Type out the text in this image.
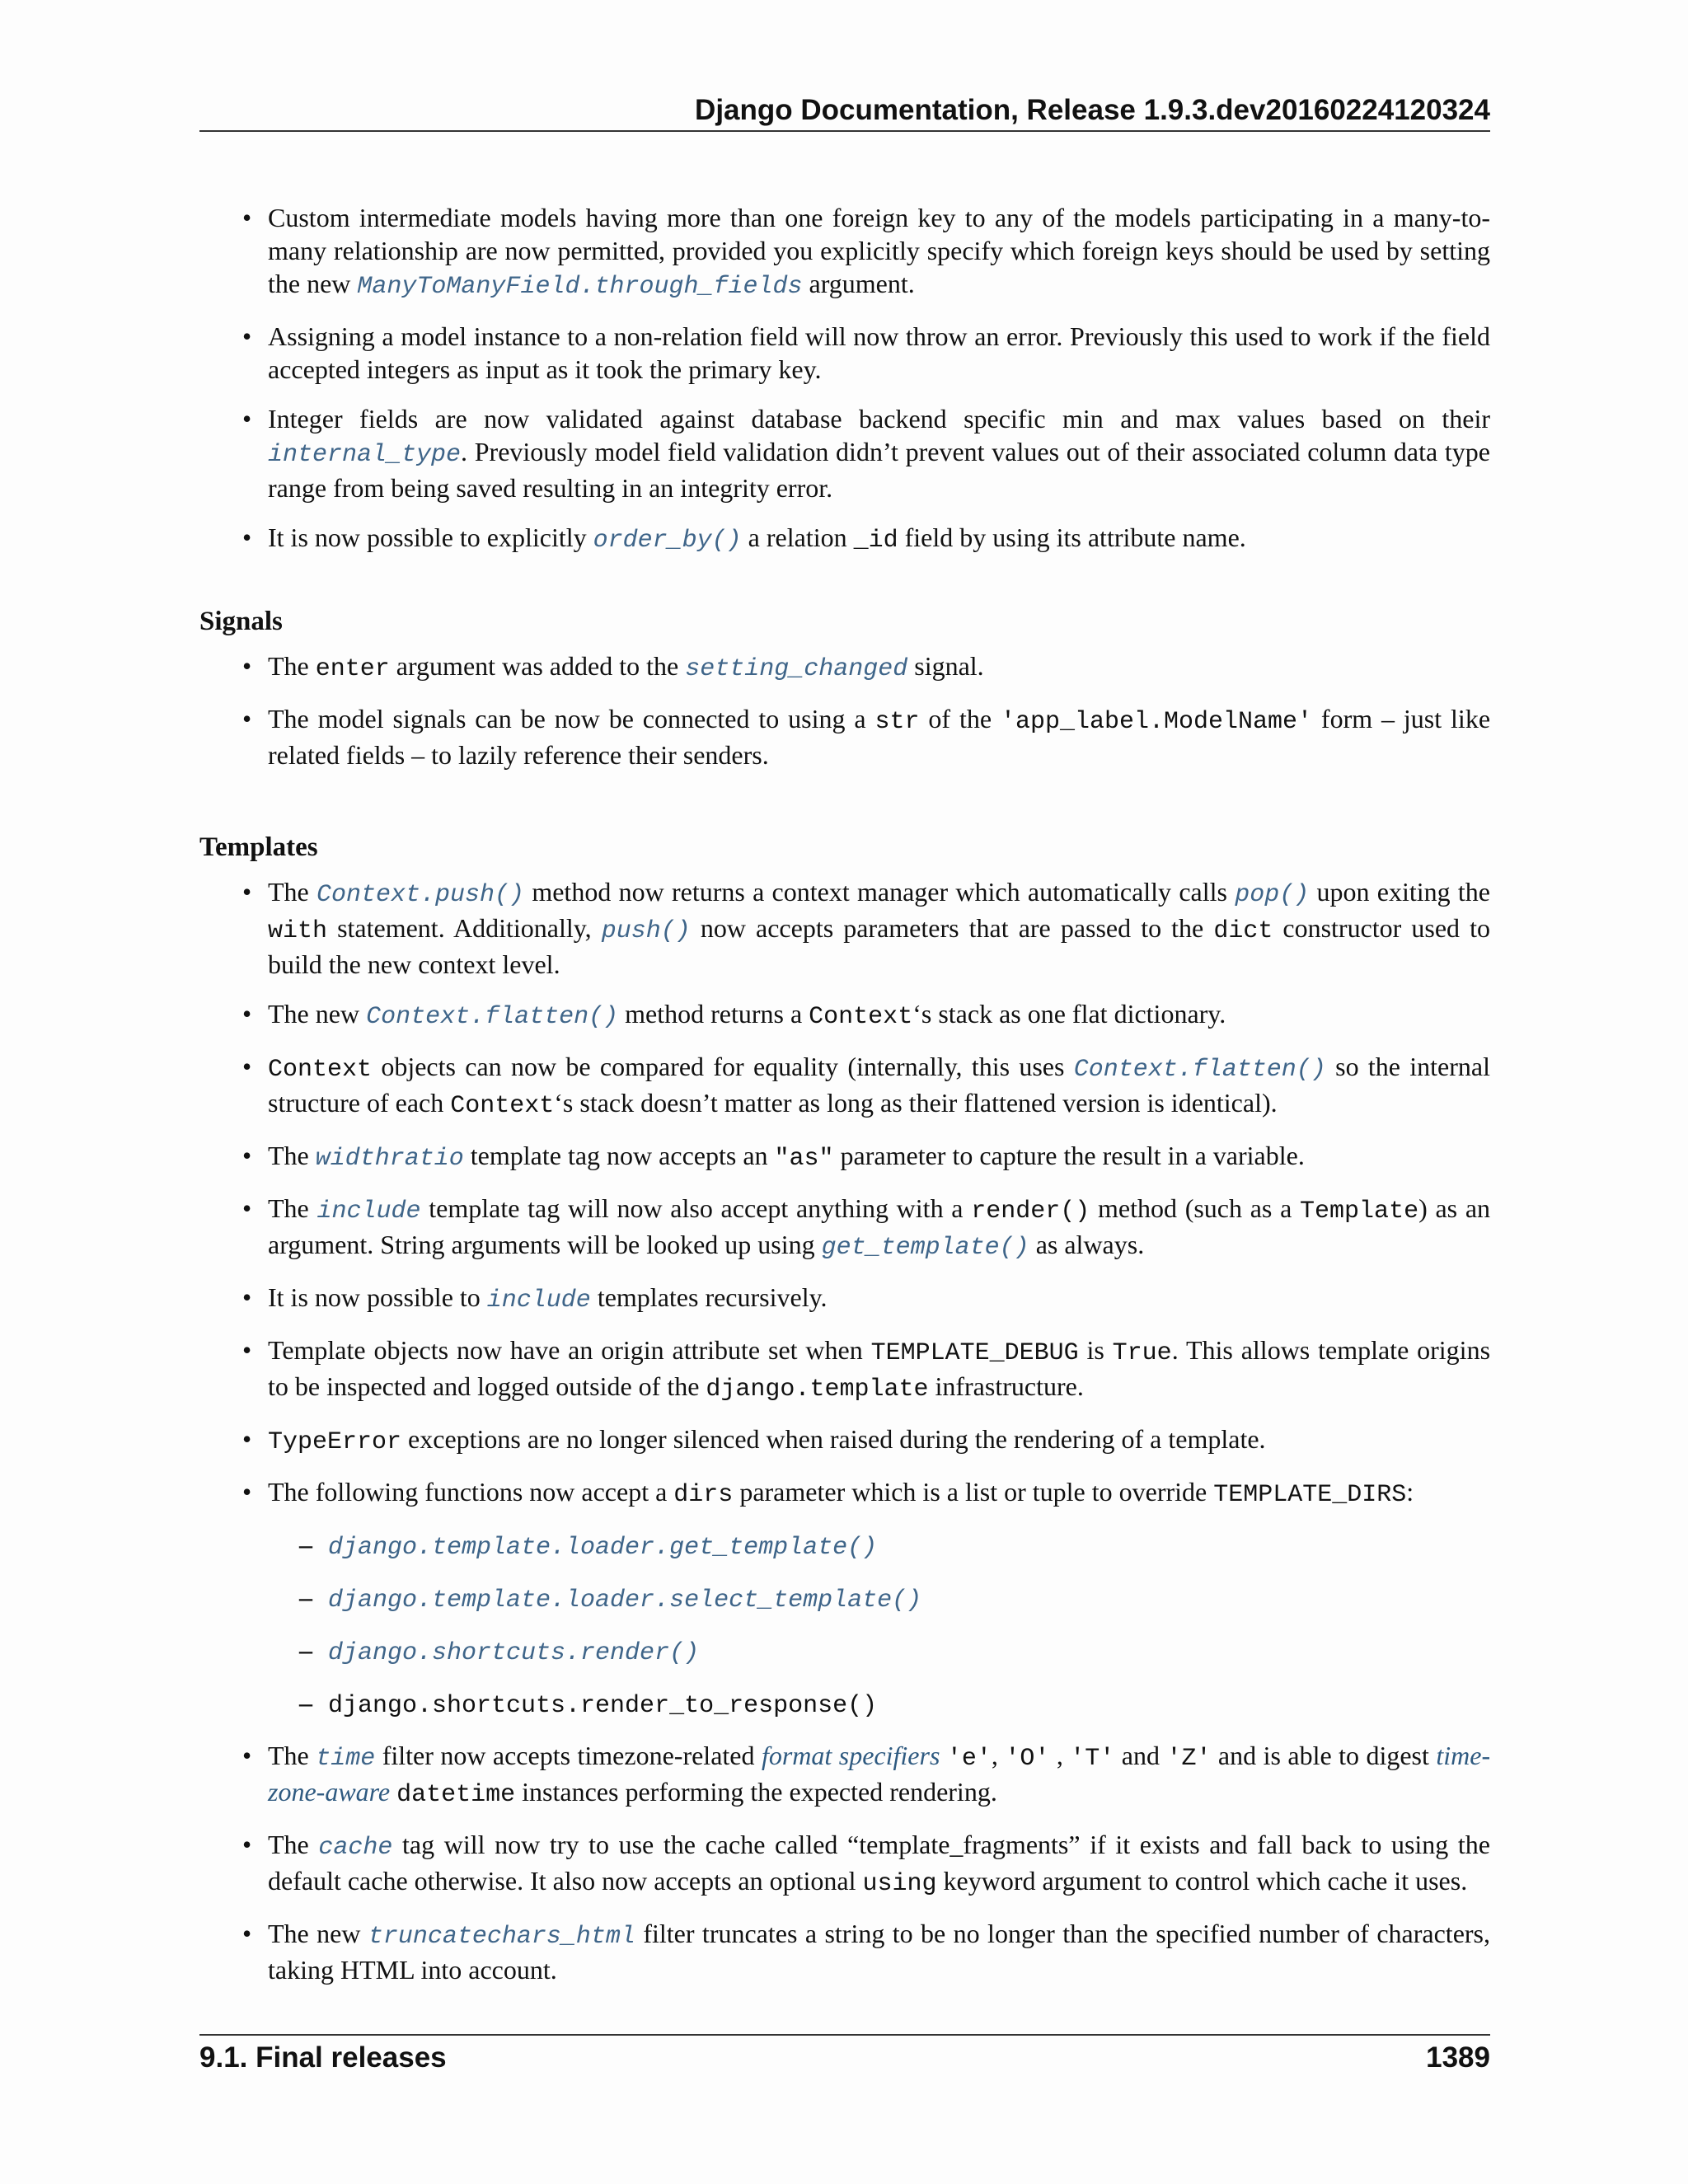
Django Documentation, Release 1.9.3.dev20160224120324
• Custom intermediate models having more than one foreign key to any of the models participating in a many-to-many relationship are now permitted, provided you explicitly specify which foreign keys should be used by setting the new ManyToManyField.through_fields argument.
• Assigning a model instance to a non-relation field will now throw an error. Previously this used to work if the field accepted integers as input as it took the primary key.
• Integer fields are now validated against database backend specific min and max values based on their internal_type. Previously model field validation didn’t prevent values out of their associated column data type range from being saved resulting in an integrity error.
• It is now possible to explicitly order_by() a relation _id field by using its attribute name.
Signals
• The enter argument was added to the setting_changed signal.
• The model signals can be now be connected to using a str of the 'app_label.ModelName' form – just like related fields – to lazily reference their senders.
Templates
• The Context.push() method now returns a context manager which automatically calls pop() upon exiting the with statement. Additionally, push() now accepts parameters that are passed to the dict constructor used to build the new context level.
• The new Context.flatten() method returns a Context‘s stack as one flat dictionary.
• Context objects can now be compared for equality (internally, this uses Context.flatten() so the internal structure of each Context‘s stack doesn’t matter as long as their flattened version is identical).
• The widthratio template tag now accepts an "as" parameter to capture the result in a variable.
• The include template tag will now also accept anything with a render() method (such as a Template) as an argument. String arguments will be looked up using get_template() as always.
• It is now possible to include templates recursively.
• Template objects now have an origin attribute set when TEMPLATE_DEBUG is True. This allows template origins to be inspected and logged outside of the django.template infrastructure.
• TypeError exceptions are no longer silenced when raised during the rendering of a template.
• The following functions now accept a dirs parameter which is a list or tuple to override TEMPLATE_DIRS:
– django.template.loader.get_template()
– django.template.loader.select_template()
– django.shortcuts.render()
– django.shortcuts.render_to_response()
• The time filter now accepts timezone-related format specifiers 'e', 'O' , 'T' and 'Z' and is able to digest time-zone-aware datetime instances performing the expected rendering.
• The cache tag will now try to use the cache called “template_fragments” if it exists and fall back to using the default cache otherwise. It also now accepts an optional using keyword argument to control which cache it uses.
• The new truncatechars_html filter truncates a string to be no longer than the specified number of characters, taking HTML into account.
9.1. Final releases	1389
